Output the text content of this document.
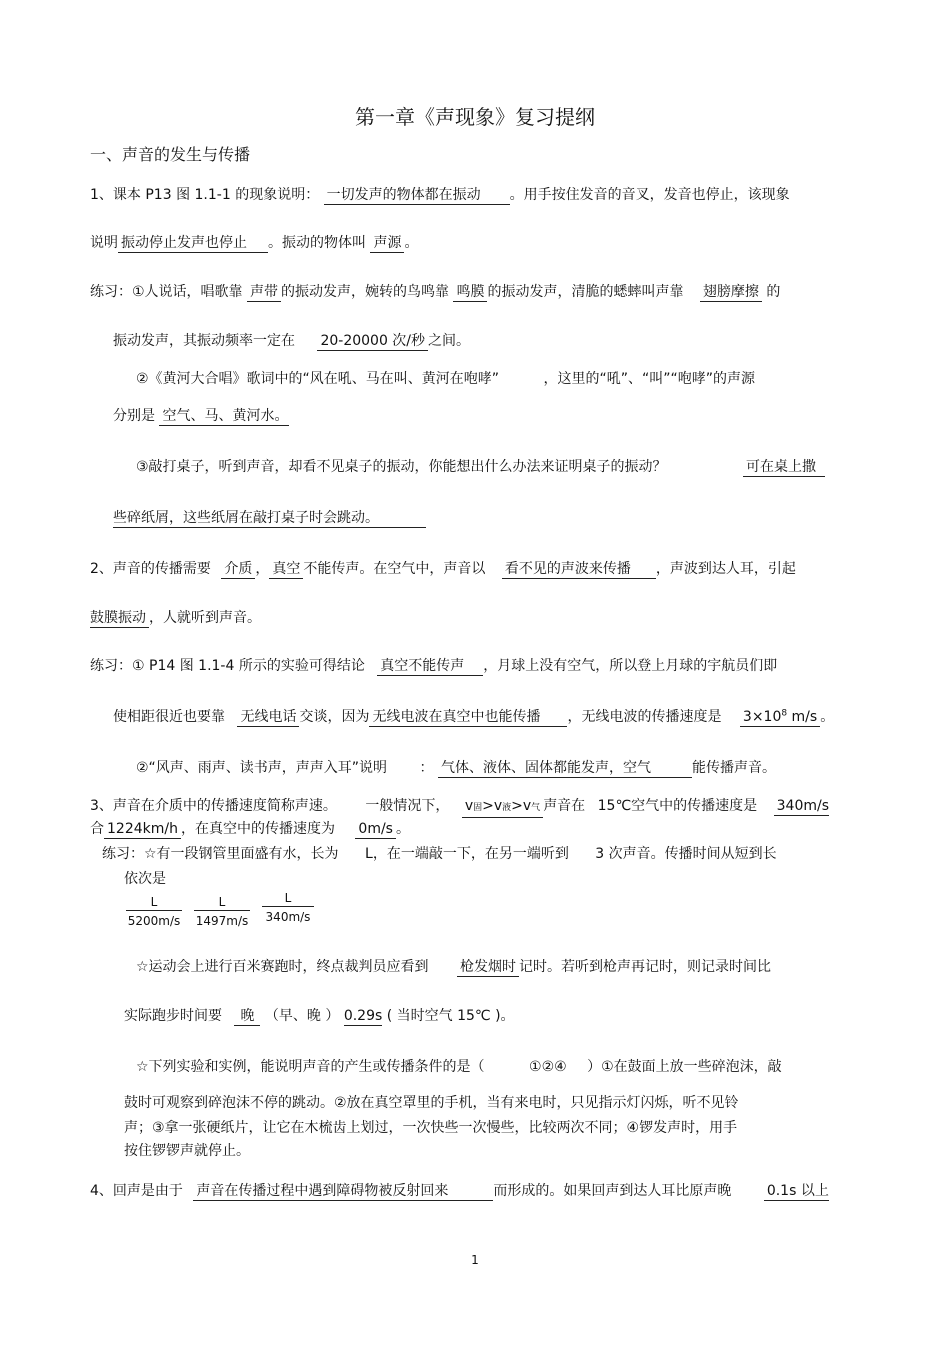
第一章《声现象》复习提纲
一、声音的发生与传播
1、课本 P13 图 1.1-1 的现象说明： 一切发声的物体都在振动 。用手按住发音的音叉，发音也停止，该现象
说明 振动停止发声也停止 。振动的物体叫 声源 。
练习：①人说话，唱歌靠 声带 的振动发声，婉转的鸟鸣靠 鸣膜 的振动发声，清脆的蟋蟀叫声靠 翅膀摩擦 的
振动发声，其振动频率一定在 20-20000 次/秒 之间。
②《黄河大合唱》歌词中的“风在吼、马在叫、黄河在咆哮”	，这里的“吼”、“叫”“咆哮”的声源
分别是 空气、马、黄河水。
③敲打桌子，听到声音，却看不见桌子的振动，你能想出什么办法来证明桌子的振动？	可在桌上撒
些碎纸屑，这些纸屑在敲打桌子时会跳动。
2、声音的传播需要 介质 ， 真空 不能传声。在空气中，声音以 看不见的声波来传播 ，声波到达人耳，引起
鼓膜振动 ，人就听到声音。
练习：① P14 图 1.1-4 所示的实验可得结论 真空不能传声 ，月球上没有空气，所以登上月球的宇航员们即
使相距很近也要靠 无线电话 交谈，因为 无线电波在真空中也能传播 ，无线电波的传播速度是 $3\times 10^8$ m/s 。
②“风声、雨声、读书声，声声入耳”说明 ： 气体、液体、固体都能发声，空气	能传播声音。
3、声音在介质中的传播速度简称声速。 一般情况下， v固>v液>v气 声音在 15℃空气中的传播速度是 340m/s
合 1224km/h ，在真空中的传播速度为 0m/s 。
练习：☆有一段钢管里面盛有水，长为 L，在一端敲一下，在另一端听到 3 次声音。传播时间从短到长
依次是
$\frac{L}{5200m/s} \frac{L}{1497m/s} \frac{L}{340m/s}$
☆运动会上进行百米赛跑时，终点裁判员应看到 枪发烟时 记时。若听到枪声再记时，则记录时间比
实际跑步时间要 晚 （早、晚 ） 0.29s ( 当时空气 15℃ )。
☆下列实验和实例，能说明声音的产生或传播条件的是（	①②④ ）①在鼓面上放一些碎泡沫，敲
鼓时可观察到碎泡沫不停的跳动。②放在真空罩里的手机，当有来电时，只见指示灯闪烁，听不见铃
声；③拿一张硬纸片，让它在木梳齿上划过，一次快些一次慢些，比较两次不同；④锣发声时，用手
按住锣锣声就停止。
4、回声是由于 声音在传播过程中遇到障碍物被反射回来	而形成的。如果回声到达人耳比原声晚	0.1s 以上
1
